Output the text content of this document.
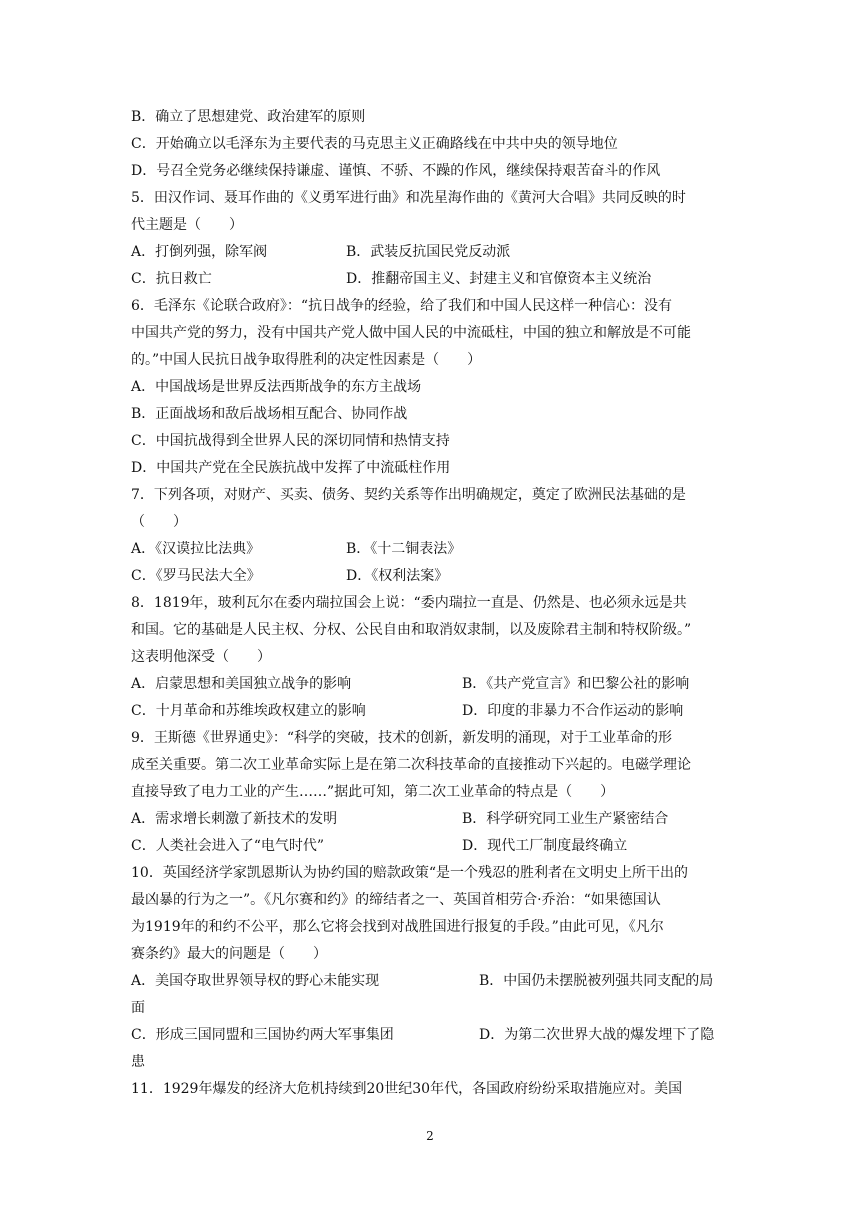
B．确立了思想建党、政治建军的原则
C．开始确立以毛泽东为主要代表的马克思主义正确路线在中共中央的领导地位
D．号召全党务必继续保持谦虚、谨慎、不骄、不躁的作风，继续保持艰苦奋斗的作风
5．田汉作词、聂耳作曲的《义勇军进行曲》和冼星海作曲的《黄河大合唱》共同反映的时
代主题是（　　）
A．打倒列强，除军阀	B．武装反抗国民党反动派
C．抗日救亡	D．推翻帝国主义、封建主义和官僚资本主义统治
6．毛泽东《论联合政府》：“抗日战争的经验，给了我们和中国人民这样一种信心：没有
中国共产党的努力，没有中国共产党人做中国人民的中流砥柱，中国的独立和解放是不可能
的。”中国人民抗日战争取得胜利的决定性因素是（　　）
A．中国战场是世界反法西斯战争的东方主战场
B．正面战场和敌后战场相互配合、协同作战
C．中国抗战得到全世界人民的深切同情和热情支持
D．中国共产党在全民族抗战中发挥了中流砥柱作用
7．下列各项，对财产、买卖、债务、契约关系等作出明确规定，奠定了欧洲民法基础的是
（　　）
A．《汉谟拉比法典》	B．《十二铜表法》
C．《罗马民法大全》	D．《权利法案》
8．1819年，玻利瓦尔在委内瑞拉国会上说：“委内瑞拉一直是、仍然是、也必须永远是共
和国。它的基础是人民主权、分权、公民自由和取消奴隶制，以及废除君主制和特权阶级。”
这表明他深受（　　）
A．启蒙思想和美国独立战争的影响	B．《共产党宣言》和巴黎公社的影响
C．十月革命和苏维埃政权建立的影响	D．印度的非暴力不合作运动的影响
9．王斯德《世界通史》：“科学的突破，技术的创新，新发明的涌现，对于工业革命的形
成至关重要。第二次工业革命实际上是在第二次科技革命的直接推动下兴起的。电磁学理论
直接导致了电力工业的产生……”据此可知，第二次工业革命的特点是（　　）
A．需求增长刺激了新技术的发明	B．科学研究同工业生产紧密结合
C．人类社会进入了“电气时代”	D．现代工厂制度最终确立
10．英国经济学家凯恩斯认为协约国的赔款政策“是一个残忍的胜利者在文明史上所干出的
最凶暴的行为之一”。《凡尔赛和约》的缔结者之一、英国首相劳合·乔治：“如果德国认
为1919年的和约不公平，那么它将会找到对战胜国进行报复的手段。”由此可见，《凡尔
赛条约》最大的问题是（　　）
A．美国夺取世界领导权的野心未能实现	B．中国仍未摆脱被列强共同支配的局
面
C．形成三国同盟和三国协约两大军事集团	D．为第二次世界大战的爆发埋下了隐
患
11．1929年爆发的经济大危机持续到20世纪30年代，各国政府纷纷采取措施应对。美国
2
